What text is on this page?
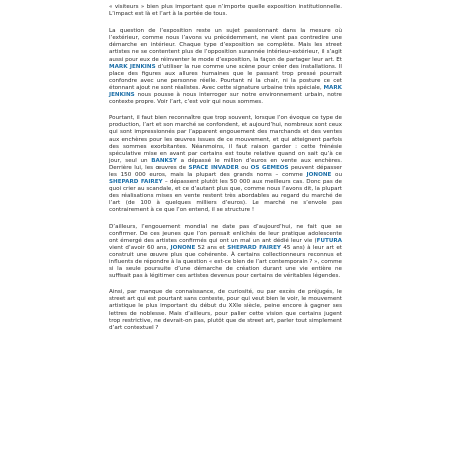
« visiteurs » bien plus important que n’importe quelle exposition institutionnelle. L’impact est là et l’art à la portée de tous.

La question de l’exposition reste un sujet passionnant dans la mesure où l’extérieur, comme nous l’avons vu précédemment, ne vient pas contredire une démarche en intérieur. Chaque type d’exposition se complète. Mais les street artistes ne se contentent plus de l’opposition surannée intérieur-extérieur, il s’agit aussi pour eux de réinventer le mode d’exposition, la façon de partager leur art. Et MARK JENKINS d’utiliser la rue comme une scène pour créer des installations. Il place des figures aux allures humaines que le passant trop pressé pourrait confondre avec une personne réelle. Pourtant ni la chair, ni la posture ce cet étonnant ajout ne sont réalistes. Avec cette signature urbaine très spéciale, MARK JENKINS nous pousse à nous interroger sur notre environnement urbain, notre contexte propre. Voir l’art, c’est voir qui nous sommes.

Pourtant, il faut bien reconnaître que trop souvent, lorsque l’on évoque ce type de production, l’art et son marché se confondent, et aujourd’hui, nombreux sont ceux qui sont impressionnés par l’apparent engouement des marchands et des ventes aux enchères pour les œuvres issues de ce mouvement, et qui atteignent parfois des sommes exorbitantes. Néanmoins, il faut raison garder : cette frénésie spéculative mise en avant par certains est toute relative quand on sait qu’à ce jour, seul un BANKSY a dépassé le million d’euros en vente aux enchères. Derrière lui, les œuvres de SPACE INVADER ou OS GEMEOS peuvent dépasser les 150 000 euros, mais la plupart des grands noms – comme JONONE ou SHEPARD FAIREY – dépassent plutôt les 50 000 aux meilleurs cas. Donc pas de quoi crier au scandale, et ce d’autant plus que, comme nous l’avons dit, la plupart des réalisations mises en vente restent très abordables au regard du marché de l’art (de 100 à quelques milliers d’euros). Le marché ne s’envole pas contrairement à ce que l’on entend, il se structure !

D’ailleurs, l’engouement mondial ne date pas d’aujourd’hui, ne fait que se confirmer. De ces jeunes que l’on pensait enlichés de leur pratique adolescente ont émergé des artistes confirmés qui ont un mal un ant dédié leur vie (FUTURA vient d’avoir 60 ans, JONONE 52 ans et SHEPARD FAIREY 45 ans) à leur art et construit une œuvre plus que cohérente. À certains collectionneurs reconnus et influents de répondre à la question « est-ce bien de l’art contemporain ? », comme si la seule poursuite d’une démarche de création durant une vie entière ne suffisait pas à légitimer ces artistes devenus pour certains de véritables légendes.

Ainsi, par manque de connaissance, de curiosité, ou par excès de préjugés, le street art qui est pourtant sans conteste, pour qui veut bien le voir, le mouvement artistique le plus important du début du XXIe siècle, peine encore à gagner ses lettres de noblesse. Mais d’ailleurs, pour palier cette vision que certains jugent trop restrictive, ne devrait-on pas, plutôt que de street art, parler tout simplement d’art contextuel ?
